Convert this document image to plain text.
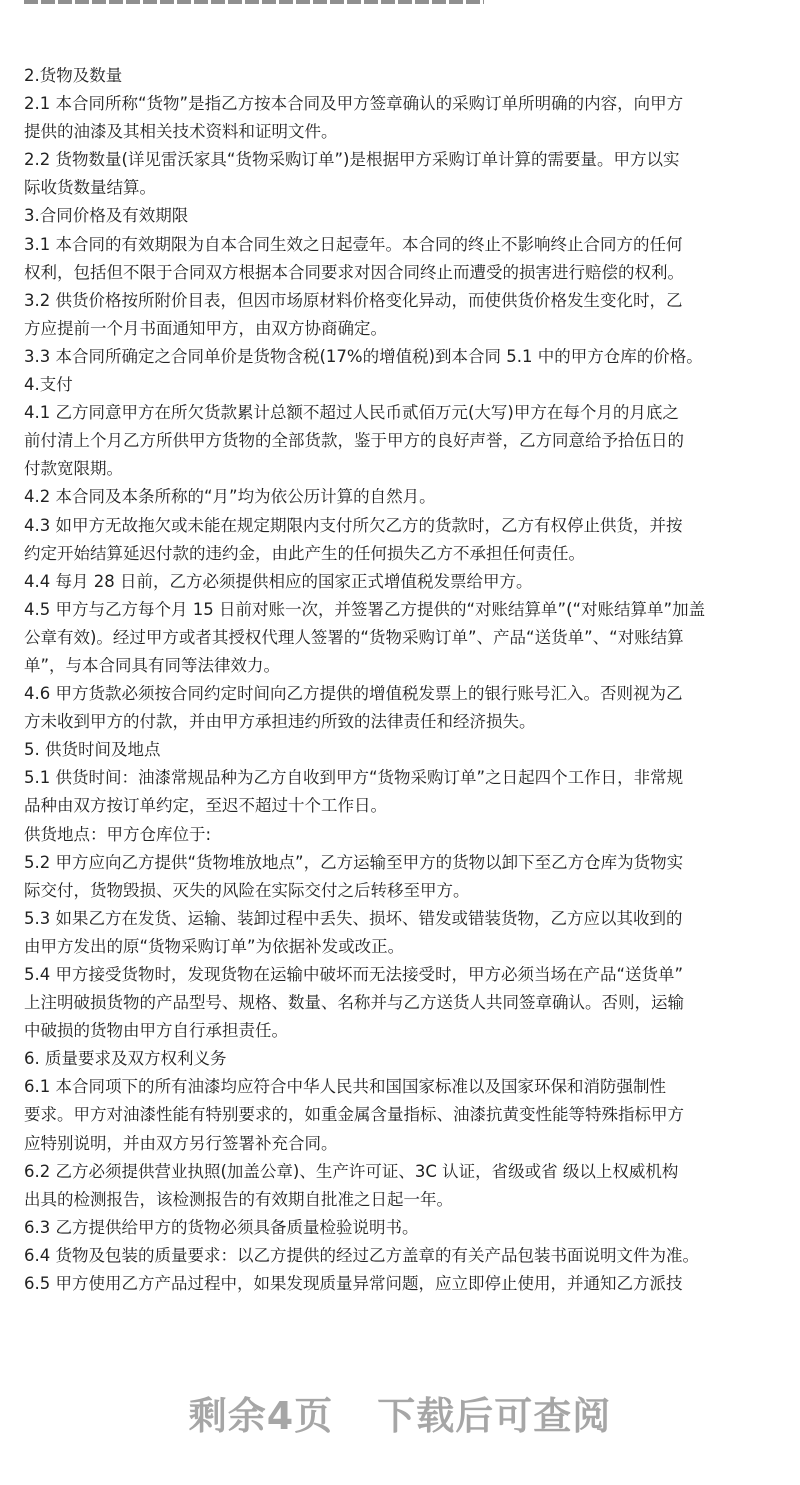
2.货物及数量
2.1 本合同所称“货物”是指乙方按本合同及甲方签章确认的采购订单所明确的内容，向甲方
提供的油漆及其相关技术资料和证明文件。
2.2 货物数量(详见雷沃家具“货物采购订单”)是根据甲方采购订单计算的需要量。甲方以实
际收货数量结算。
3.合同价格及有效期限
3.1 本合同的有效期限为自本合同生效之日起壹年。本合同的终止不影响终止合同方的任何
权利，包括但不限于合同双方根据本合同要求对因合同终止而遭受的损害进行赔偿的权利。
3.2 供货价格按所附价目表，但因市场原材料价格变化异动，而使供货价格发生变化时，乙
方应提前一个月书面通知甲方，由双方协商确定。
3.3 本合同所确定之合同单价是货物含税(17%的增值税)到本合同 5.1 中的甲方仓库的价格。
4.支付
4.1 乙方同意甲方在所欠货款累计总额不超过人民币贰佰万元(大写)甲方在每个月的月底之
前付清上个月乙方所供甲方货物的全部货款，鉴于甲方的良好声誉，乙方同意给予拾伍日的
付款宽限期。
4.2 本合同及本条所称的“月”均为依公历计算的自然月。
4.3 如甲方无故拖欠或未能在规定期限内支付所欠乙方的货款时，乙方有权停止供货，并按
约定开始结算延迟付款的违约金，由此产生的任何损失乙方不承担任何责任。
4.4 每月 28 日前，乙方必须提供相应的国家正式增值税发票给甲方。
4.5 甲方与乙方每个月 15 日前对账一次，并签署乙方提供的“对账结算单”(“对账结算单”加盖
公章有效)。经过甲方或者其授权代理人签署的“货物采购订单”、产品“送货单”、“对账结算
单”，与本合同具有同等法律效力。
4.6 甲方货款必须按合同约定时间向乙方提供的增值税发票上的银行账号汇入。否则视为乙
方未收到甲方的付款，并由甲方承担违约所致的法律责任和经济损失。
5. 供货时间及地点
5.1 供货时间：油漆常规品种为乙方自收到甲方“货物采购订单”之日起四个工作日，非常规
品种由双方按订单约定，至迟不超过十个工作日。
供货地点：甲方仓库位于:
5.2 甲方应向乙方提供“货物堆放地点”，乙方运输至甲方的货物以卸下至乙方仓库为货物实
际交付，货物毁损、灭失的风险在实际交付之后转移至甲方。
5.3 如果乙方在发货、运输、装卸过程中丢失、损坏、错发或错装货物，乙方应以其收到的
由甲方发出的原“货物采购订单”为依据补发或改正。
5.4 甲方接受货物时，发现货物在运输中破坏而无法接受时，甲方必须当场在产品“送货单”
上注明破损货物的产品型号、规格、数量、名称并与乙方送货人共同签章确认。否则，运输
中破损的货物由甲方自行承担责任。
6. 质量要求及双方权利义务
6.1 本合同项下的所有油漆均应符合中华人民共和国国家标准以及国家环保和消防强制性
要求。甲方对油漆性能有特别要求的，如重金属含量指标、油漆抗黄变性能等特殊指标甲方
应特别说明，并由双方另行签署补充合同。
6.2 乙方必须提供营业执照(加盖公章)、生产许可证、3C 认证，省级或省 级以上权威机构
出具的检测报告，该检测报告的有效期自批准之日起一年。
6.3 乙方提供给甲方的货物必须具备质量检验说明书。
6.4 货物及包装的质量要求：以乙方提供的经过乙方盖章的有关产品包装书面说明文件为准。
6.5 甲方使用乙方产品过程中，如果发现质量异常问题，应立即停止使用，并通知乙方派技
剩余4页 下载后可查阅
